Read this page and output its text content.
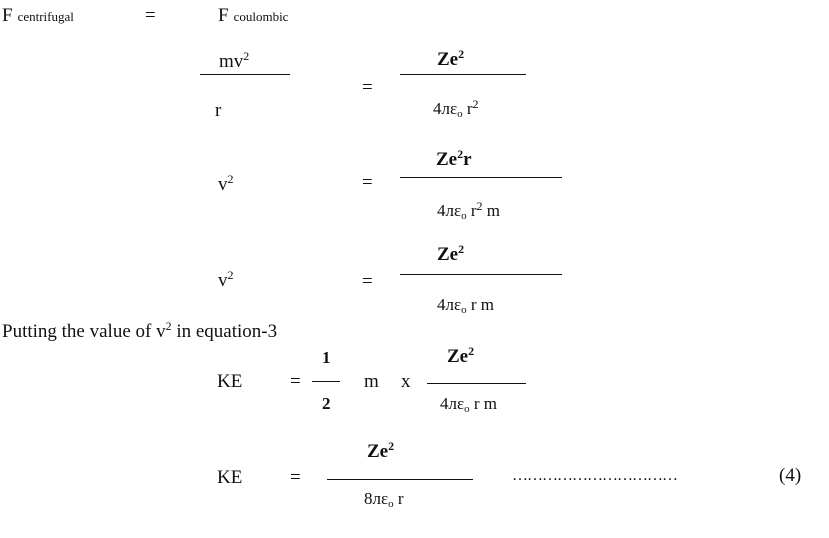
F centrifugal	=	F coulombic
$mv^2$
r
=
$Ze^2$
4лεo $r^2$
$v^2$	=
$Ze^2r$
4лεo $r^2$ m
$v^2$	=
$Ze^2$
4лεo r m
Putting the value of $v^2$ in equation-3
KE	=
1
2
m x
Ze$^2$
4лεo r m
KE	=
$Ze^2$
8лεo r
……………………………	(4)
